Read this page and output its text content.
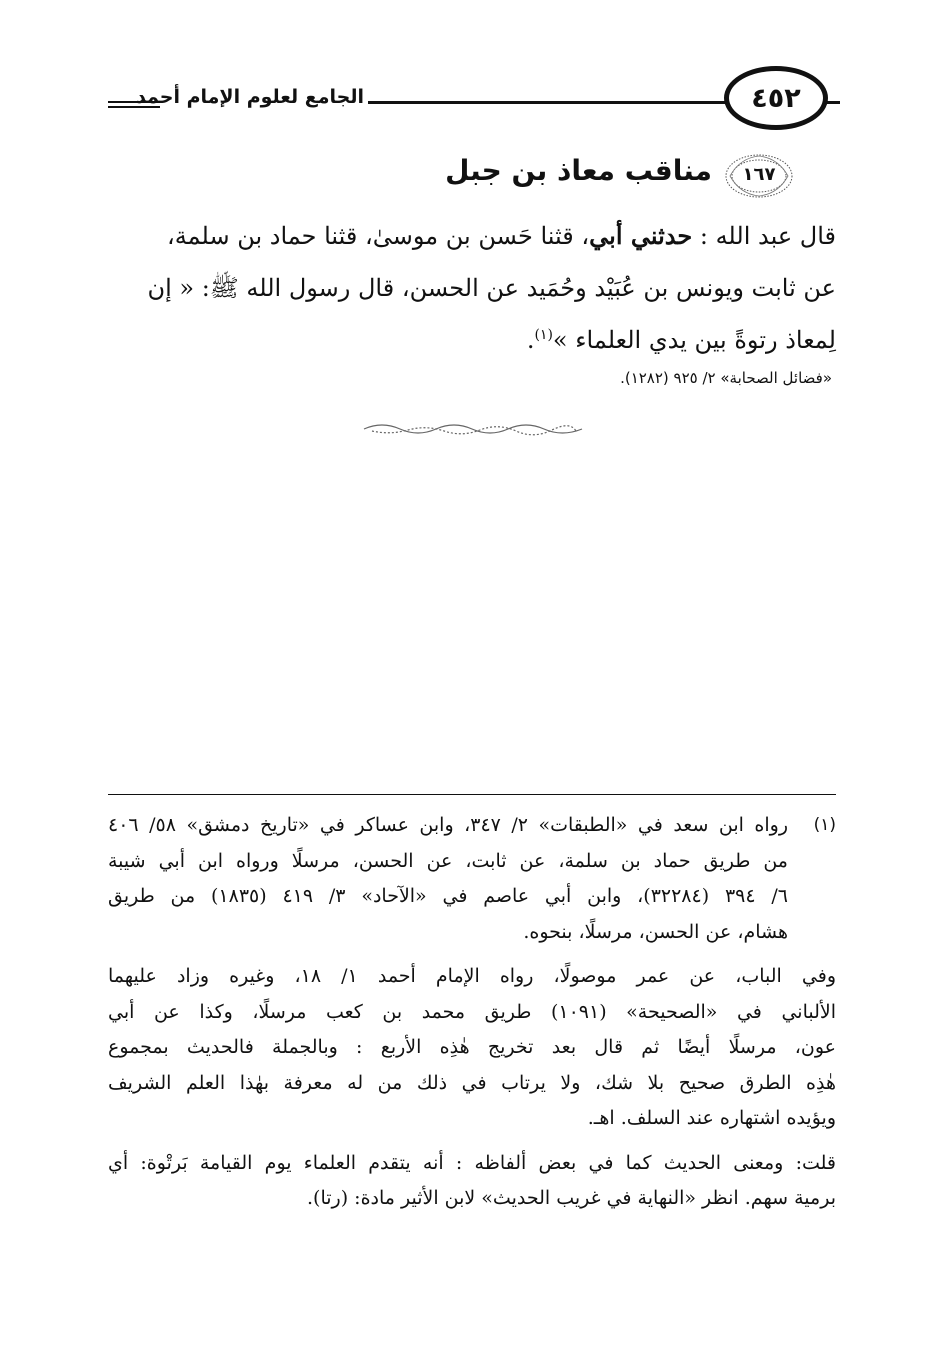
الجامع لعلوم الإمام أحمد	٤٥٢
١٦٧
مناقب معاذ بن جبل
قال عبد الله : حدثني أبي، قثنا حَسن بن موسىٰ، قثنا حماد بن سلمة،
عن ثابت ويونس بن عُبَيْد وحُمَيد عن الحسن، قال رسول الله ﷺ: « إن
لِمعاذ رتوةً بين يدي العلماء »$^{(١)}$.
«فضائل الصحابة» ٢/ ٩٢٥ (١٢٨٢).
(١)
رواه ابن سعد في «الطبقات» ٢/ ٣٤٧، وابن عساكر في «تاريخ دمشق» ٥٨/ ٤٠٦
من طريق حماد بن سلمة، عن ثابت، عن الحسن، مرسلًا ورواه ابن أبي شيبة
٦/ ٣٩٤ (٣٢٢٨٤)، وابن أبي عاصم في «الآحاد» ٣/ ٤١٩ (١٨٣٥) من طريق
هشام، عن الحسن، مرسلًا، بنحوه.
وفي الباب، عن عمر موصولًا، رواه الإمام أحمد ١/ ١٨، وغيره وزاد عليهما
الألباني في «الصحيحة» (١٠٩١) طريق محمد بن كعب مرسلًا، وكذا عن أبي
عون، مرسلًا أيضًا ثم قال بعد تخريج هٰذِه الأربع : وبالجملة فالحديث بمجموع
هٰذِه الطرق صحيح بلا شك، ولا يرتاب في ذلك من له معرفة بهٰذا العلم الشريف
ويؤيده اشتهاره عند السلف. اهـ.
قلت: ومعنى الحديث كما في بعض ألفاظه : أنه يتقدم العلماء يوم القيامة بَرتْوة: أي
برمية سهم. انظر «النهاية في غريب الحديث» لابن الأثير مادة: (رتا).
